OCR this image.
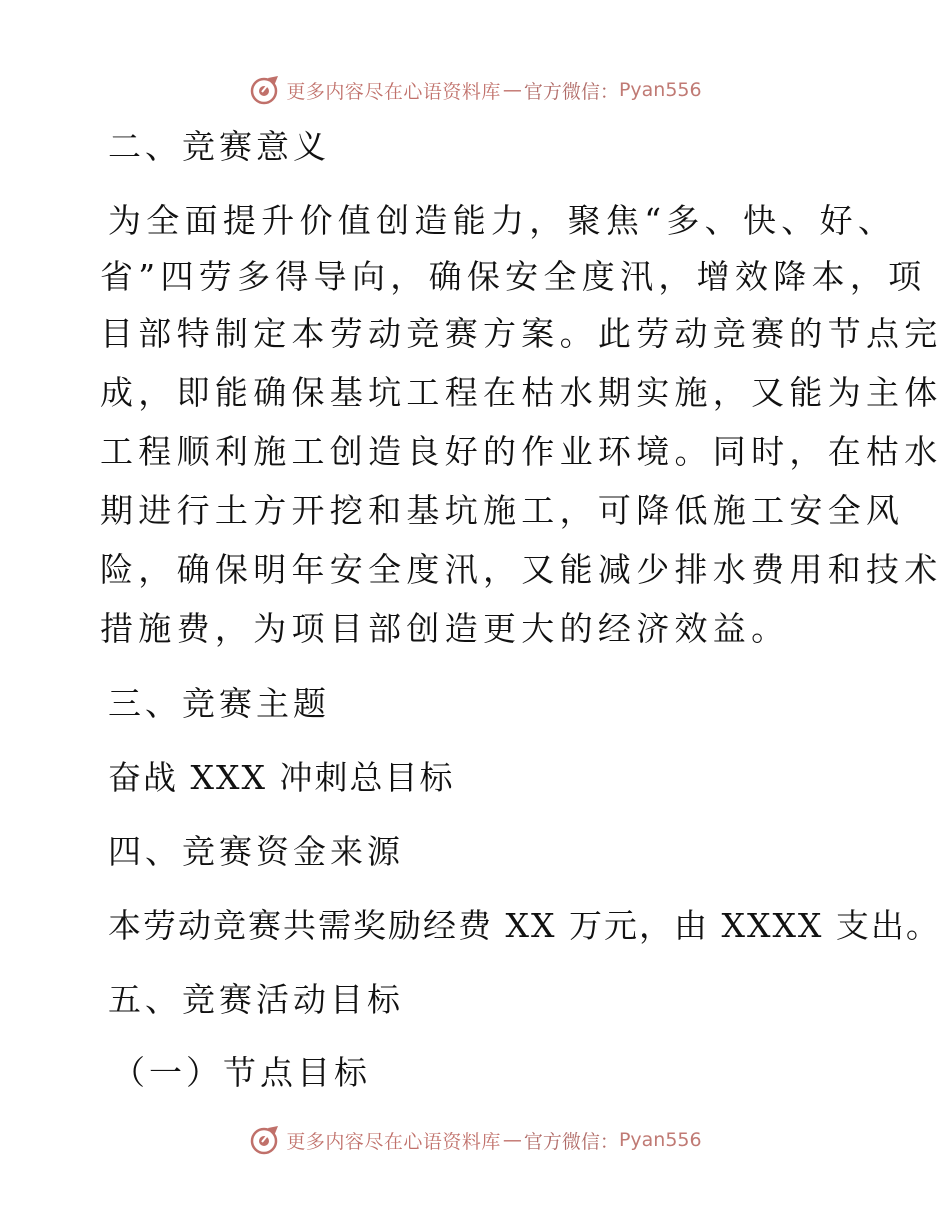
更多内容尽在心语资料库 — 官方微信： Pyan556
二、竞赛意义
为全面提升价值创造能力，聚焦“多、快、好、
省”四劳多得导向，确保安全度汛，增效降本，项
目部特制定本劳动竞赛方案。此劳动竞赛的节点完
成，即能确保基坑工程在枯水期实施，又能为主体
工程顺利施工创造良好的作业环境。同时，在枯水
期进行土方开挖和基坑施工，可降低施工安全风
险，确保明年安全度汛，又能减少排水费用和技术
措施费，为项目部创造更大的经济效益。
三、竞赛主题
奋战 XXX 冲刺总目标
四、竞赛资金来源
本劳动竞赛共需奖励经费 XX 万元，由 XXXX 支出。
五、竞赛活动目标
（一）节点目标
更多内容尽在心语资料库 — 官方微信： Pyan556
